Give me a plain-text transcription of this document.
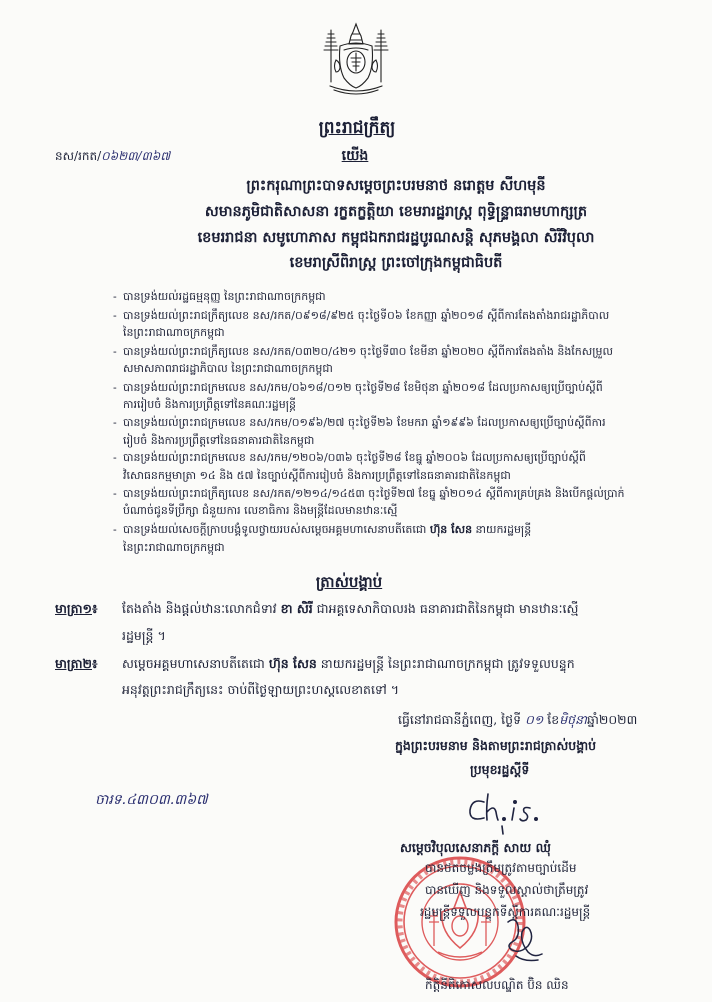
ព្រះរាជក្រឹត្យ
នស/រកត/០៦២៣/៣៦៧	យើង
ព្រះករុណាព្រះបាទសម្តេចព្រះបរមនាថ នរោត្តម សីហមុនី
សមានភូមិជាតិសាសនា រក្ខតក្ខត្តិយា ខេមរារដ្ឋរាស្ត្រ ពុទ្ធិន្ទ្រាធរាមហាក្សត្រ
ខេមររាជនា សមូហោភាស កម្ពុជឯករាជរដ្ឋបូរណសន្តិ សុភមង្គលា សិរីវិបុលា
ខេមរាស្រីពិរាស្ត្រ ព្រះចៅក្រុងកម្ពុជាធិបតី
- បានទ្រង់យល់រដ្ឋធម្មនុញ្ញ នៃព្រះរាជាណាចក្រកម្ពុជា
- បានទ្រង់យល់ព្រះរាជក្រឹត្យលេខ នស/រកត/០៩១៨/៩២៥ ចុះថ្ងៃទី០៦ ខែកញ្ញា ឆ្នាំ២០១៨ ស្តីពីការតែងតាំងរាជរដ្ឋាភិបាល
នៃព្រះរាជាណាចក្រកម្ពុជា
- បានទ្រង់យល់ព្រះរាជក្រឹត្យលេខ នស/រកត/០៣២០/៤២១ ចុះថ្ងៃទី៣០ ខែមីនា ឆ្នាំ២០២០ ស្តីពីការតែងតាំង និងកែសម្រួល
សមាសភាពរាជរដ្ឋាភិបាល នៃព្រះរាជាណាចក្រកម្ពុជា
- បានទ្រង់យល់ព្រះរាជក្រមលេខ នស/រកម/០៦១៨/០១២ ចុះថ្ងៃទី២៨ ខែមិថុនា ឆ្នាំ២០១៨ ដែលប្រកាសឲ្យប្រើច្បាប់ស្តីពី
ការរៀបចំ និងការប្រព្រឹត្តទៅនៃគណៈរដ្ឋមន្ត្រី
- បានទ្រង់យល់ព្រះរាជក្រមលេខ នស/រកម/០១៩៦/២៧ ចុះថ្ងៃទី២៦ ខែមករា ឆ្នាំ១៩៩៦ ដែលប្រកាសឲ្យប្រើច្បាប់ស្តីពីការ
រៀបចំ និងការប្រព្រឹត្តទៅនៃធនាគារជាតិនៃកម្ពុជា
- បានទ្រង់យល់ព្រះរាជក្រមលេខ នស/រកម/១២០៦/០៣៦ ចុះថ្ងៃទី២៨ ខែធ្នូ ឆ្នាំ២០០៦ ដែលប្រកាសឲ្យប្រើច្បាប់ស្តីពី
វិសោធនកម្មមាត្រា ១៤ និង ៥៧ នៃច្បាប់ស្តីពីការរៀបចំ និងការប្រព្រឹត្តទៅនៃធនាគារជាតិនៃកម្ពុជា
- បានទ្រង់យល់ព្រះរាជក្រឹត្យលេខ នស/រកត/១២១៤/១៤៥៣ ចុះថ្ងៃទី២៧ ខែធ្នូ ឆ្នាំ២០១៤ ស្តីពីការគ្រប់គ្រង និងបើកផ្តល់ប្រាក់
បំណាច់ជូនទីប្រឹក្សា ជំនួយការ លេខាធិការ និងមន្ត្រីដែលមានឋានៈស្មើ
- បានទ្រង់យល់សេចក្តីក្រាបបង្គំទូលថ្វាយរបស់សម្តេចអគ្គមហាសេនាបតីតេជោ ហ៊ុន សែន នាយករដ្ឋមន្ត្រី
នៃព្រះរាជាណាចក្រកម្ពុជា
ត្រាស់បង្គាប់
មាត្រា១៖	តែងតាំង និងផ្តល់ឋានៈលោកជំទាវ ខា សិរី ជាអគ្គទេសាភិបាលរង ធនាគារជាតិនៃកម្ពុជា មានឋានៈស្មើ
រដ្ឋមន្ត្រី ។
មាត្រា២៖	សម្តេចអគ្គមហាសេនាបតីតេជោ ហ៊ុន សែន នាយករដ្ឋមន្ត្រី នៃព្រះរាជាណាចក្រកម្ពុជា ត្រូវទទួលបន្ទុក
អនុវត្តព្រះរាជក្រឹត្យនេះ ចាប់ពីថ្ងៃឡាយព្រះហស្តលេខាតទៅ ។
ធ្វើនៅរាជធានីភ្នំពេញ, ថ្ងៃទី ០១ ខែមិថុនាឆ្នាំ២០២៣
ក្នុងព្រះបរមនាម និងតាមព្រះរាជត្រាស់បង្គាប់
ប្រមុខរដ្ឋស្តីទី
ចារទ.៤៣០៣.៣៦៧
សម្តេចវិបុលសេនាភក្តី សាយ ឈុំ
បានថតចម្លងត្រឹមត្រូវតាមច្បាប់ដើម
បានឃើញ និងទទួលស្គាល់ថាត្រឹមត្រូវ
រដ្ឋមន្ត្រីទទួលបន្ទុកទីស្តីការគណៈរដ្ឋមន្ត្រី
កិត្តិនីតិកោសលបណ្ឌិត ប៊ិន ឈិន
